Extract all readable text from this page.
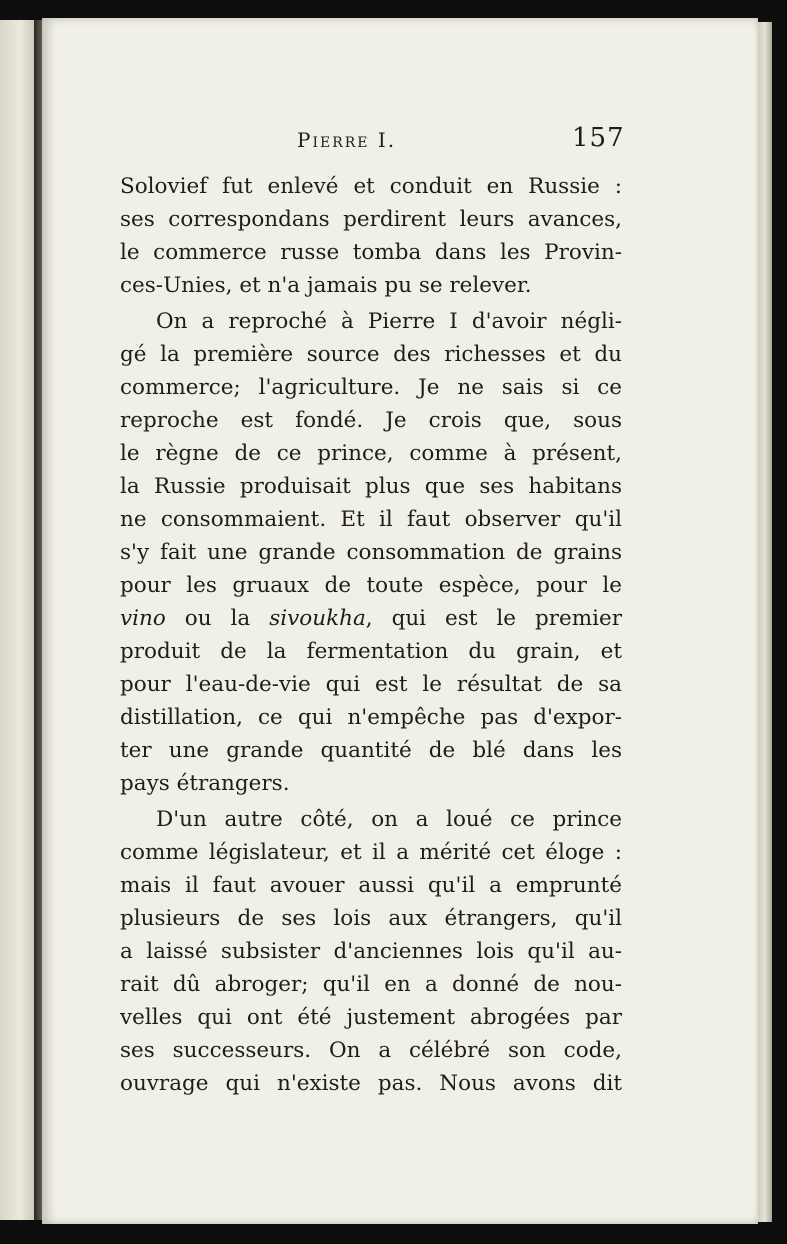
Pierre I.	157
Solovief fut enlevé et conduit en Russie :
ses correspondans perdirent leurs avances,
le commerce russe tomba dans les Provin-
ces-Unies, et n'a jamais pu se relever.
On a reproché à Pierre I d'avoir négli-
gé la première source des richesses et du
commerce; l'agriculture. Je ne sais si ce
reproche est fondé. Je crois que, sous
le règne de ce prince, comme à présent,
la Russie produisait plus que ses habitans
ne consommaient. Et il faut observer qu'il
s'y fait une grande consommation de grains
pour les gruaux de toute espèce, pour le
vino ou la sivoukha, qui est le premier
produit de la fermentation du grain, et
pour l'eau-de-vie qui est le résultat de sa
distillation, ce qui n'empêche pas d'expor-
ter une grande quantité de blé dans les
pays étrangers.
D'un autre côté, on a loué ce prince
comme législateur, et il a mérité cet éloge :
mais il faut avouer aussi qu'il a emprunté
plusieurs de ses lois aux étrangers, qu'il
a laissé subsister d'anciennes lois qu'il au-
rait dû abroger; qu'il en a donné de nou-
velles qui ont été justement abrogées par
ses successeurs. On a célébré son code,
ouvrage qui n'existe pas. Nous avons dit
